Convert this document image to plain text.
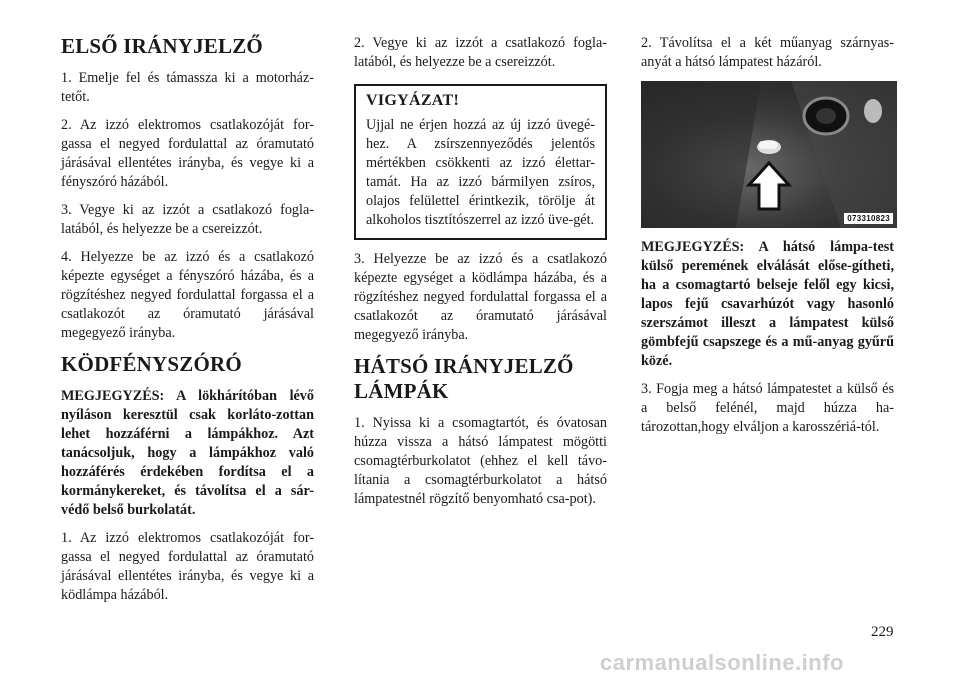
ELSŐ IRÁNYJELZŐ

1. Emelje fel és támassza ki a motorház-tetőt.

2. Az izzó elektromos csatlakozóját for-gassa el negyed fordulattal az óramutató járásával ellentétes irányba, és vegye ki a fényszóró házából.

3. Vegye ki az izzót a csatlakozó fogla-latából, és helyezze be a csereizzót.

4. Helyezze be az izzó és a csatlakozó képezte egységet a fényszóró házába, és a rögzítéshez negyed fordulattal forgassa el a csatlakozót az óramutató járásával megegyező irányba.

KÖDFÉNYSZÓRÓ

MEGJEGYZÉS: A lökhárítóban lévő nyíláson keresztül csak korláto-zottan lehet hozzáférni a lámpákhoz. Azt tanácsoljuk, hogy a lámpákhoz való hozzáférés érdekében fordítsa el a kormánykereket, és távolítsa el a sár-védő belső burkolatát.

1. Az izzó elektromos csatlakozóját for-gassa el negyed fordulattal az óramutató járásával ellentétes irányba, és vegye ki a ködlámpa házából.

2. Vegye ki az izzót a csatlakozó fogla-latából, és helyezze be a csereizzót.

VIGYÁZAT!

Ujjal ne érjen hozzá az új izzó üvegé-hez. A zsírszennyeződés jelentős mértékben csökkenti az izzó élettar-tamát. Ha az izzó bármilyen zsíros, olajos felülettel érintkezik, törölje át alkoholos tisztítószerrel az izzó üve-gét.

3. Helyezze be az izzó és a csatlakozó képezte egységet a ködlámpa házába, és a rögzítéshez negyed fordulattal forgassa el a csatlakozót az óramutató járásával megegyező irányba.

HÁTSÓ IRÁNYJELZŐ LÁMPÁK

1. Nyissa ki a csomagtartót, és óvatosan húzza vissza a hátsó lámpatest mögötti csomagtérburkolatot (ehhez el kell távo-lítania a csomagtérburkolatot a hátsó lámpatestnél rögzítő benyomható csa-pot).

2. Távolítsa el a két műanyag szárnyas-anyát a hátsó lámpatest házáról.

073310823

MEGJEGYZÉS: A hátsó lámpa-test külső peremének elválását előse-gítheti, ha a csomagtartó belseje felől egy kicsi, lapos fejű csavarhúzót vagy hasonló szerszámot illeszt a lámpatest külső gömbfejű csapszege és a mű-anyag gyűrű közé.

3. Fogja meg a hátsó lámpatestet a külső és a belső felénél, majd húzza ha-tározottan,hogy elváljon a karosszériá-tól.

229
carmanualsonline.info
